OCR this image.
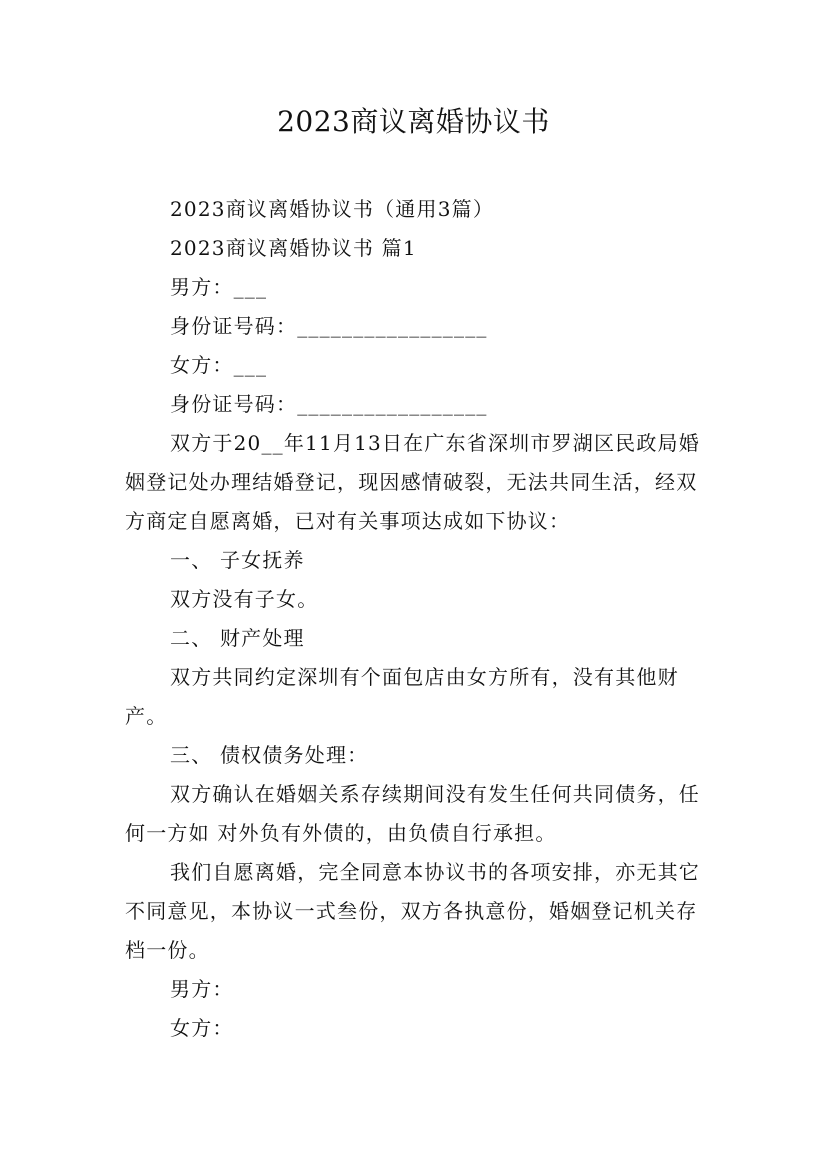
2023商议离婚协议书
2023商议离婚协议书（通用3篇）
2023商议离婚协议书 篇1
男方：___
身份证号码：_________________
女方：___
身份证号码：_________________

双方于20__年11月13日在广东省深圳市罗湖区民政局婚姻登记处办理结婚登记，现因感情破裂，无法共同生活，经双方商定自愿离婚，已对有关事项达成如下协议：

一、 子女抚养
双方没有子女。
二、 财产处理

双方共同约定深圳有个面包店由女方所有，没有其他财产。

三、 债权债务处理：

双方确认在婚姻关系存续期间没有发生任何共同债务，任何一方如 对外负有外债的，由负债自行承担。

我们自愿离婚，完全同意本协议书的各项安排，亦无其它不同意见，本协议一式叁份，双方各执意份，婚姻登记机关存档一份。

男方：
女方：
